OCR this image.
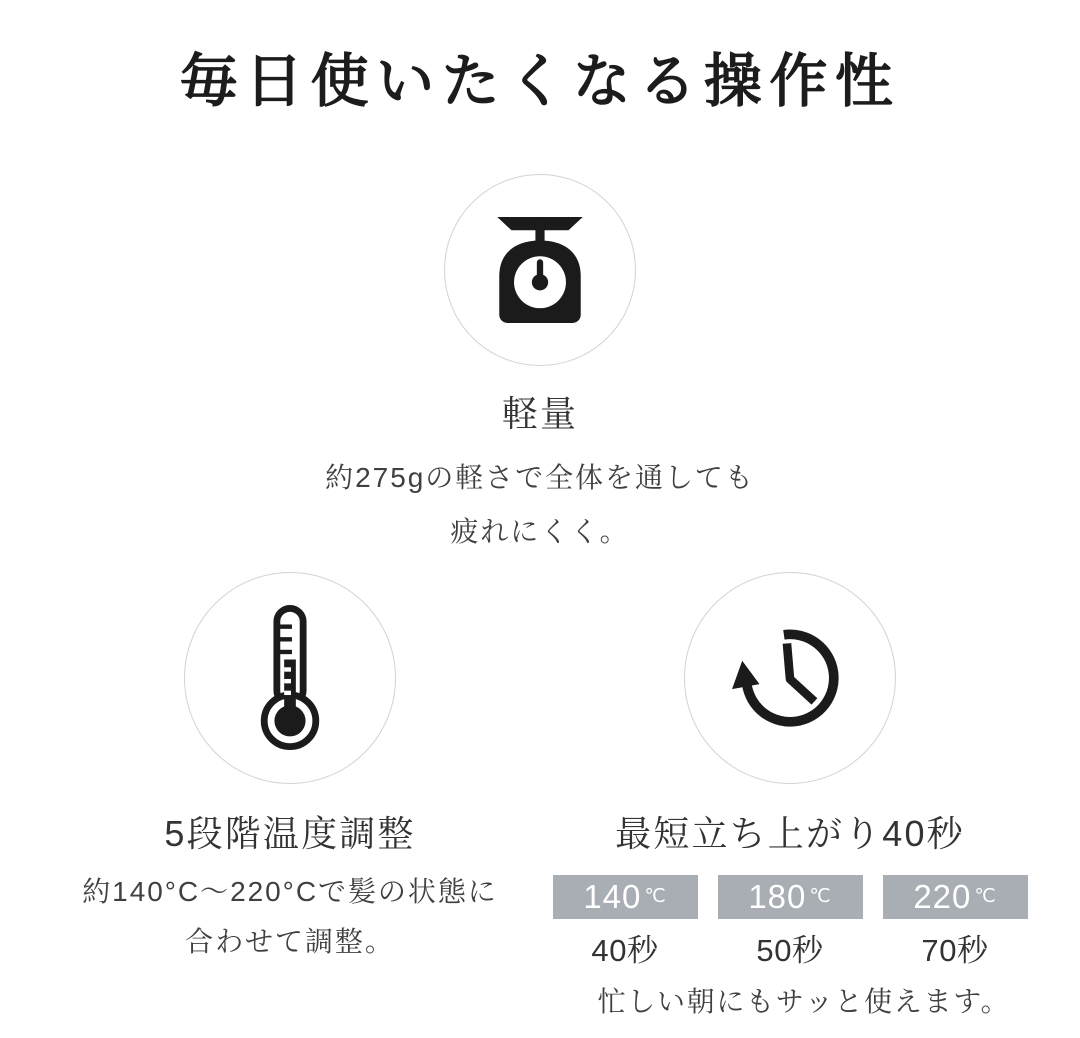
毎日使いたくなる操作性
軽量

約275gの軽さで全体を通しても
疲れにくく。

5段階温度調整

約140°C～220°Cで髪の状態に
合わせて調整。

最短立ち上がり40秒
140 ℃ 180 ℃ 220 ℃
40秒	50秒	70秒

忙しい朝にもサッと使えます。
